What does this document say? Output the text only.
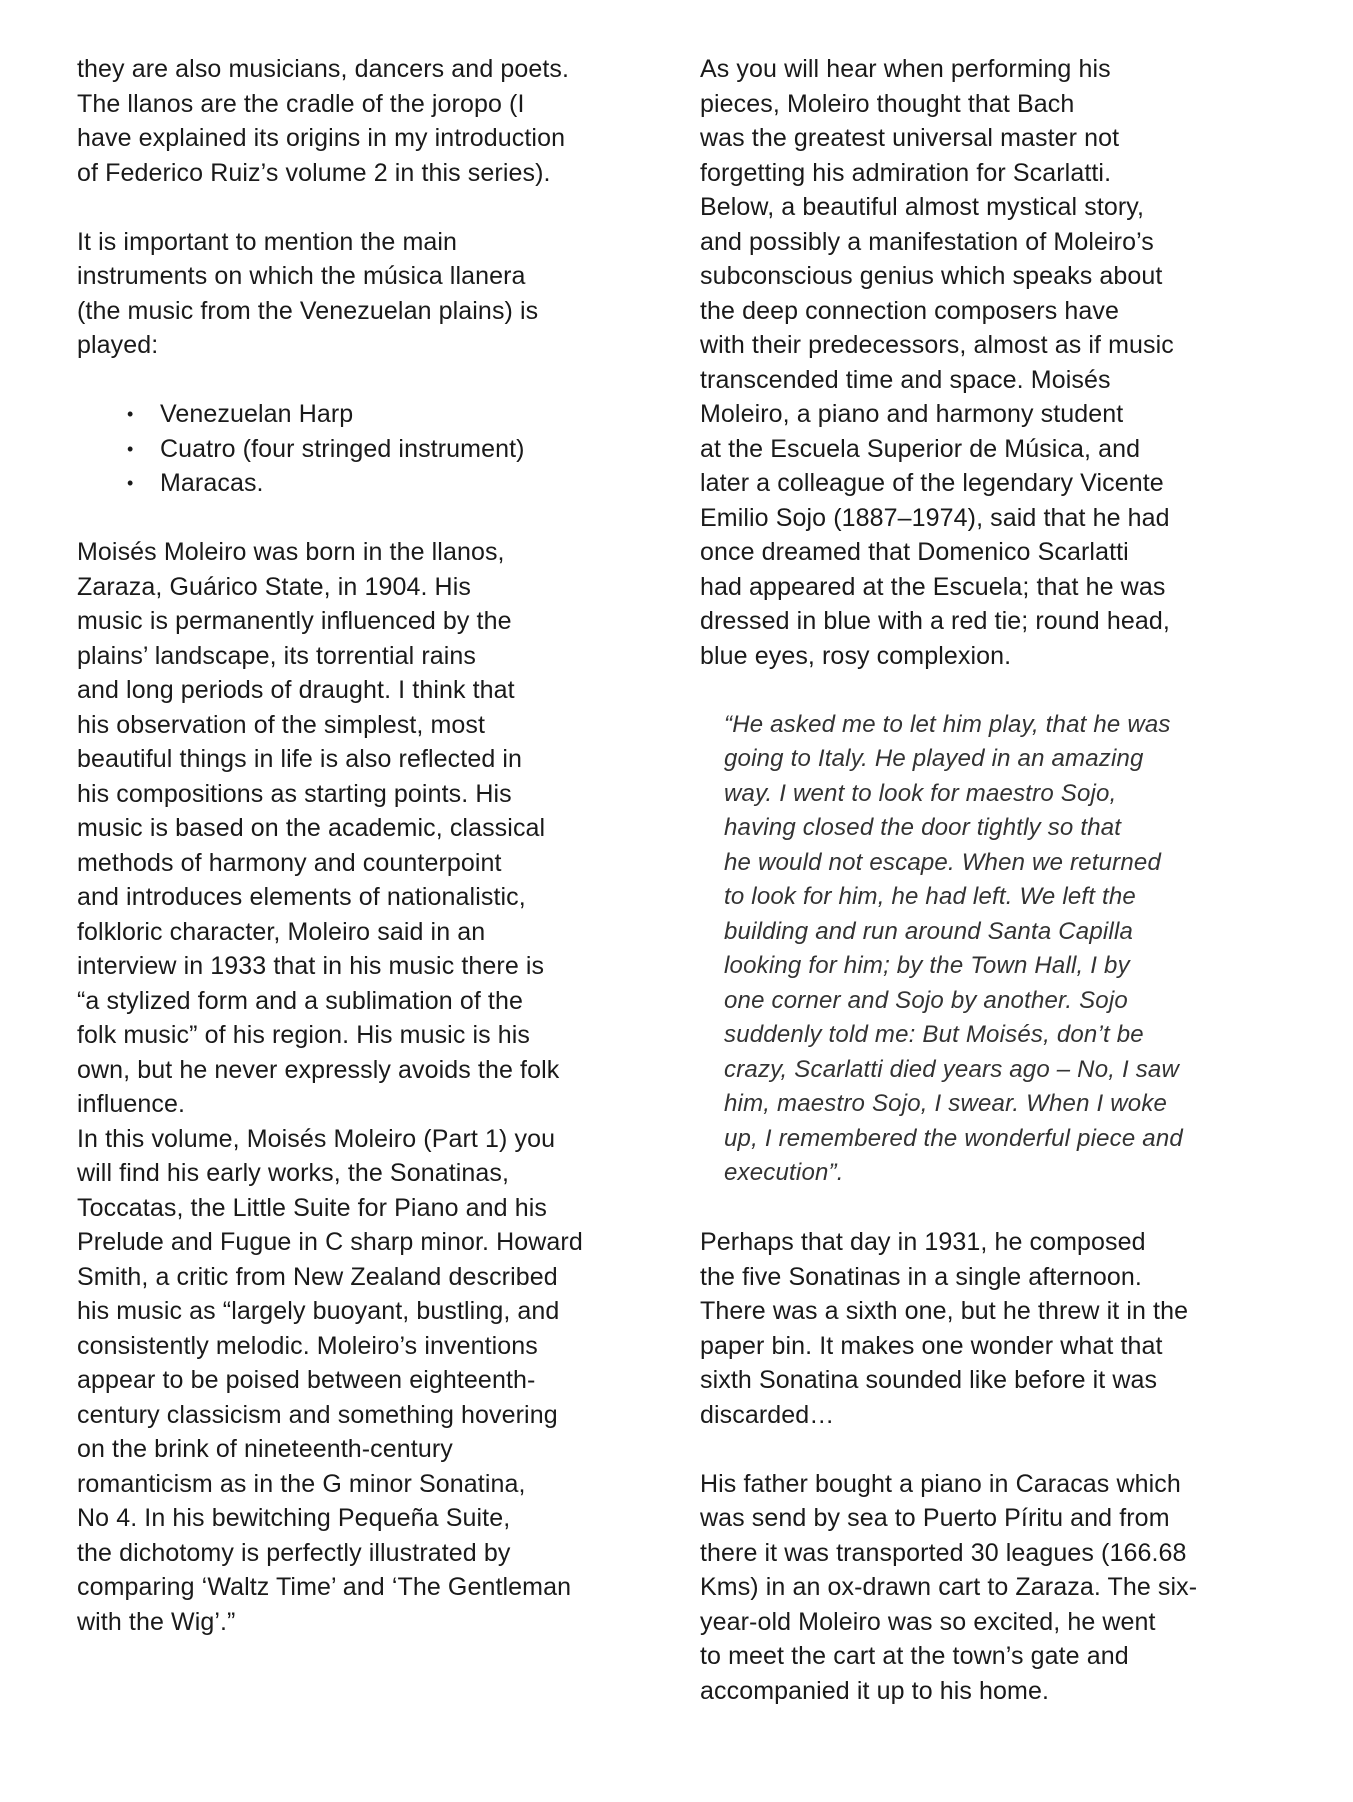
they are also musicians, dancers and poets.
The llanos are the cradle of the joropo (I
have explained its origins in my introduction
of Federico Ruiz’s volume 2 in this series).
It is important to mention the main
instruments on which the música llanera
(the music from the Venezuelan plains) is
played:
• Venezuelan Harp
• Cuatro (four stringed instrument)
• Maracas.
Moisés Moleiro was born in the llanos,
Zaraza, Guárico State, in 1904. His
music is permanently influenced by the
plains’ landscape, its torrential rains
and long periods of draught. I think that
his observation of the simplest, most
beautiful things in life is also reflected in
his compositions as starting points. His
music is based on the academic, classical
methods of harmony and counterpoint
and introduces elements of nationalistic,
folkloric character, Moleiro said in an
interview in 1933 that in his music there is
“a stylized form and a sublimation of the
folk music” of his region. His music is his
own, but he never expressly avoids the folk
influence.
In this volume, Moisés Moleiro (Part 1) you
will find his early works, the Sonatinas,
Toccatas, the Little Suite for Piano and his
Prelude and Fugue in C sharp minor. Howard
Smith, a critic from New Zealand described
his music as “largely buoyant, bustling, and
consistently melodic. Moleiro’s inventions
appear to be poised between eighteenth-
century classicism and something hovering
on the brink of nineteenth-century
romanticism as in the G minor Sonatina,
No 4. In his bewitching Pequeña Suite,
the dichotomy is perfectly illustrated by
comparing ‘Waltz Time’ and ‘The Gentleman
with the Wig’.”
As you will hear when performing his
pieces, Moleiro thought that Bach
was the greatest universal master not
forgetting his admiration for Scarlatti.
Below, a beautiful almost mystical story,
and possibly a manifestation of Moleiro’s
subconscious genius which speaks about
the deep connection composers have
with their predecessors, almost as if music
transcended time and space. Moisés
Moleiro, a piano and harmony student
at the Escuela Superior de Música, and
later a colleague of the legendary Vicente
Emilio Sojo (1887–1974), said that he had
once dreamed that Domenico Scarlatti
had appeared at the Escuela; that he was
dressed in blue with a red tie; round head,
blue eyes, rosy complexion.
“He asked me to let him play, that he was
going to Italy. He played in an amazing
way. I went to look for maestro Sojo,
having closed the door tightly so that
he would not escape. When we returned
to look for him, he had left. We left the
building and run around Santa Capilla
looking for him; by the Town Hall, I by
one corner and Sojo by another. Sojo
suddenly told me: But Moisés, don’t be
crazy, Scarlatti died years ago – No, I saw
him, maestro Sojo, I swear. When I woke
up, I remembered the wonderful piece and
execution”.
Perhaps that day in 1931, he composed
the five Sonatinas in a single afternoon.
There was a sixth one, but he threw it in the
paper bin. It makes one wonder what that
sixth Sonatina sounded like before it was
discarded…
His father bought a piano in Caracas which
was send by sea to Puerto Píritu and from
there it was transported 30 leagues (166.68
Kms) in an ox-drawn cart to Zaraza. The six-
year-old Moleiro was so excited, he went
to meet the cart at the town’s gate and
accompanied it up to his home.
